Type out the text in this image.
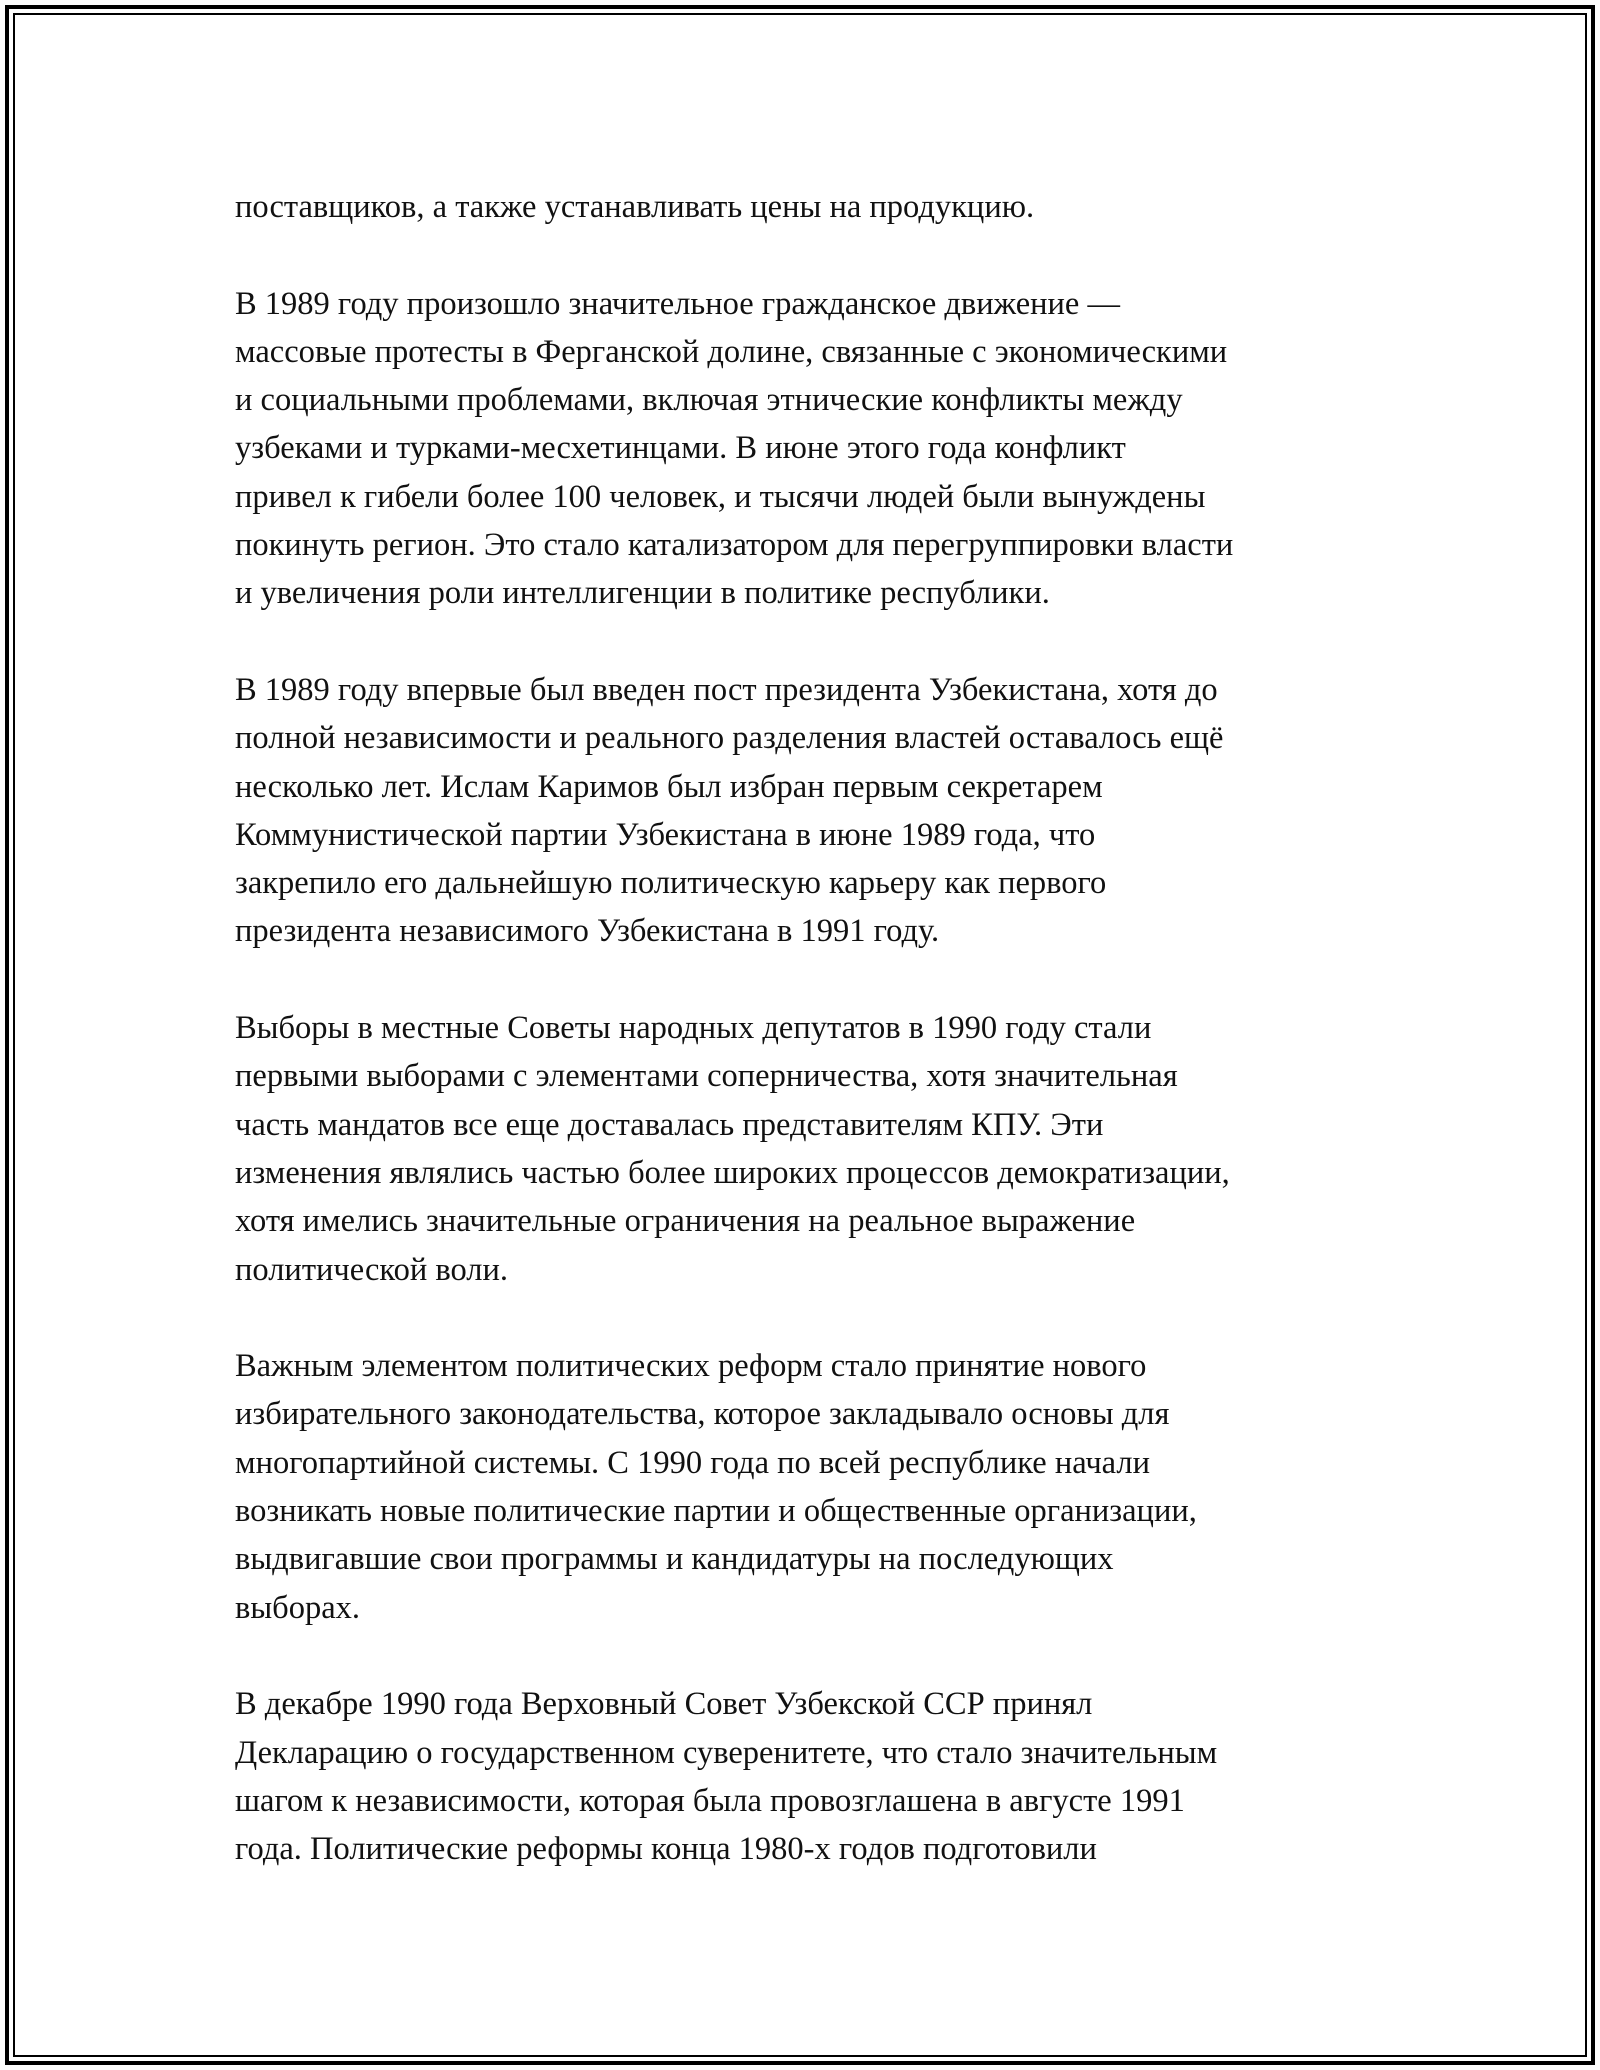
поставщиков, а также устанавливать цены на продукцию.

В 1989 году произошло значительное гражданское движение —
массовые протесты в Ферганской долине, связанные с экономическими
и социальными проблемами, включая этнические конфликты между
узбеками и турками-месхетинцами. В июне этого года конфликт
привел к гибели более 100 человек, и тысячи людей были вынуждены
покинуть регион. Это стало катализатором для перегруппировки власти
и увеличения роли интеллигенции в политике республики.

В 1989 году впервые был введен пост президента Узбекистана, хотя до
полной независимости и реального разделения властей оставалось ещё
несколько лет. Ислам Каримов был избран первым секретарем
Коммунистической партии Узбекистана в июне 1989 года, что
закрепило его дальнейшую политическую карьеру как первого
президента независимого Узбекистана в 1991 году.

Выборы в местные Советы народных депутатов в 1990 году стали
первыми выборами с элементами соперничества, хотя значительная
часть мандатов все еще доставалась представителям КПУ. Эти
изменения являлись частью более широких процессов демократизации,
хотя имелись значительные ограничения на реальное выражение
политической воли.

Важным элементом политических реформ стало принятие нового
избирательного законодательства, которое закладывало основы для
многопартийной системы. С 1990 года по всей республике начали
возникать новые политические партии и общественные организации,
выдвигавшие свои программы и кандидатуры на последующих
выборах.

В декабре 1990 года Верховный Совет Узбекской ССР принял
Декларацию о государственном суверенитете, что стало значительным
шагом к независимости, которая была провозглашена в августе 1991
года. Политические реформы конца 1980-х годов подготовили
